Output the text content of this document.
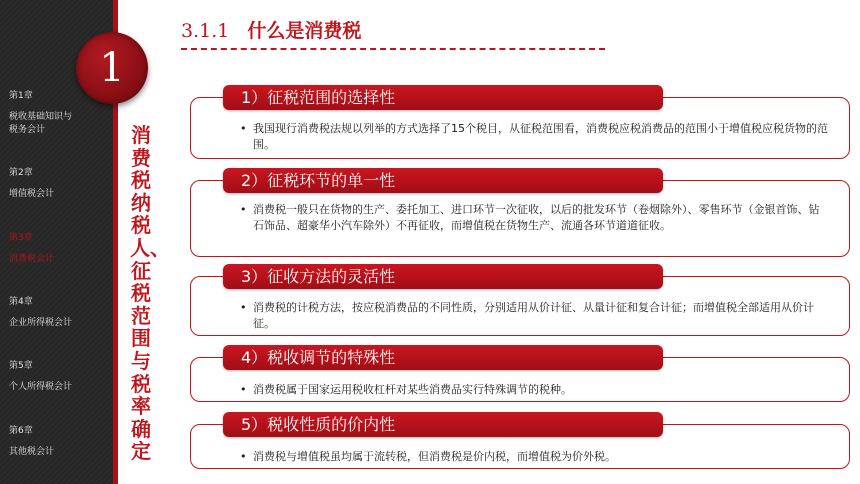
第1章
税收基础知识与税务会计
第2章
增值税会计
第3章
消费税会计
第4章
企业所得税会计
第5章
个人所得税会计
第6章
其他税会计
1
消费税纳税人、征税范围与税率确定
3.1.1 什么是消费税
1）征税范围的选择性
• 我国现行消费税法规以列举的方式选择了15个税目，从征税范围看，消费税应税消费品的范围小于增值税应税货物的范围。
2）征税环节的单一性
• 消费税一般只在货物的生产、委托加工、进口环节一次征收，以后的批发环节（卷烟除外）、零售环节（金银首饰、钻石饰品、超豪华小汽车除外）不再征收，而增值税在货物生产、流通各环节道道征收。
3）征收方法的灵活性
• 消费税的计税方法，按应税消费品的不同性质，分别适用从价计征、从量计征和复合计征；而增值税全部适用从价计征。
4）税收调节的特殊性
• 消费税属于国家运用税收杠杆对某些消费品实行特殊调节的税种。
5）税收性质的价内性
• 消费税与增值税虽均属于流转税，但消费税是价内税，而增值税为价外税。
